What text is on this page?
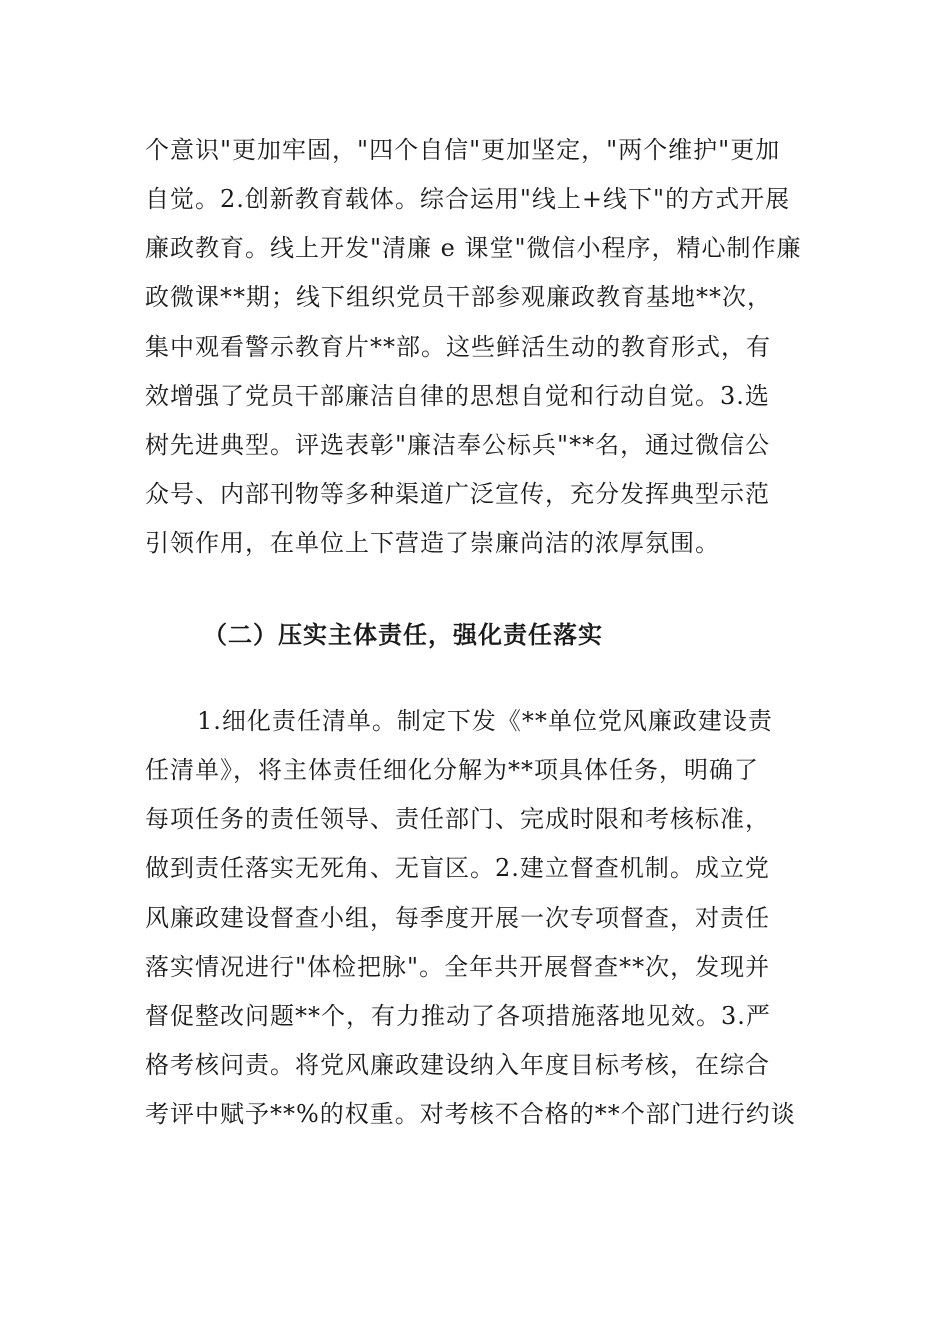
个意识"更加牢固，"四个自信"更加坚定，"两个维护"更加
自觉。2.创新教育载体。综合运用"线上+线下"的方式开展
廉政教育。线上开发"清廉 e 课堂"微信小程序，精心制作廉
政微课**期；线下组织党员干部参观廉政教育基地**次，
集中观看警示教育片**部。这些鲜活生动的教育形式，有
效增强了党员干部廉洁自律的思想自觉和行动自觉。3.选
树先进典型。评选表彰"廉洁奉公标兵"**名，通过微信公
众号、内部刊物等多种渠道广泛宣传，充分发挥典型示范
引领作用，在单位上下营造了崇廉尚洁的浓厚氛围。
（二）压实主体责任，强化责任落实
1.细化责任清单。制定下发《**单位党风廉政建设责
任清单》，将主体责任细化分解为**项具体任务，明确了
每项任务的责任领导、责任部门、完成时限和考核标准，
做到责任落实无死角、无盲区。2.建立督查机制。成立党
风廉政建设督查小组，每季度开展一次专项督查，对责任
落实情况进行"体检把脉"。全年共开展督查**次，发现并
督促整改问题**个，有力推动了各项措施落地见效。3.严
格考核问责。将党风廉政建设纳入年度目标考核，在综合
考评中赋予**%的权重。对考核不合格的**个部门进行约谈
